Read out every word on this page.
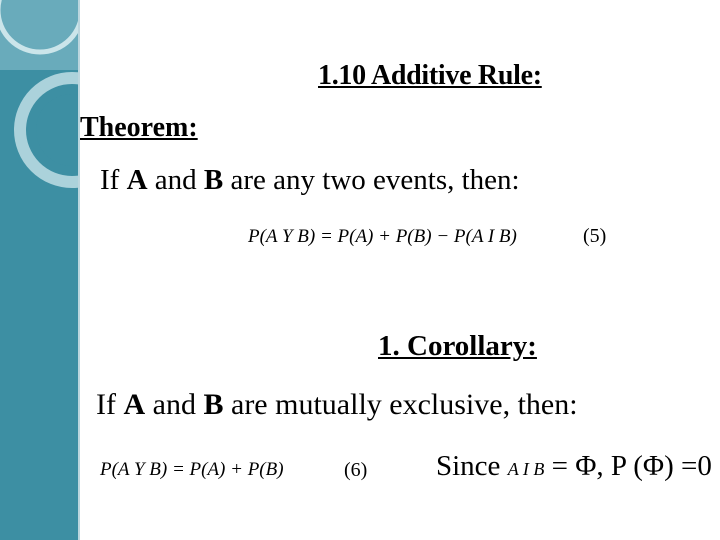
1.10 Additive Rule:
Theorem:
If A and B are any two events, then:
P(A Y B) = P(A) + P(B) − P(A I B)	(5)
1. Corollary:
If A and B are mutually exclusive, then:
P(A Y B) = P(A) + P(B)	(6) Since A I B = Φ, P (Φ) =0
